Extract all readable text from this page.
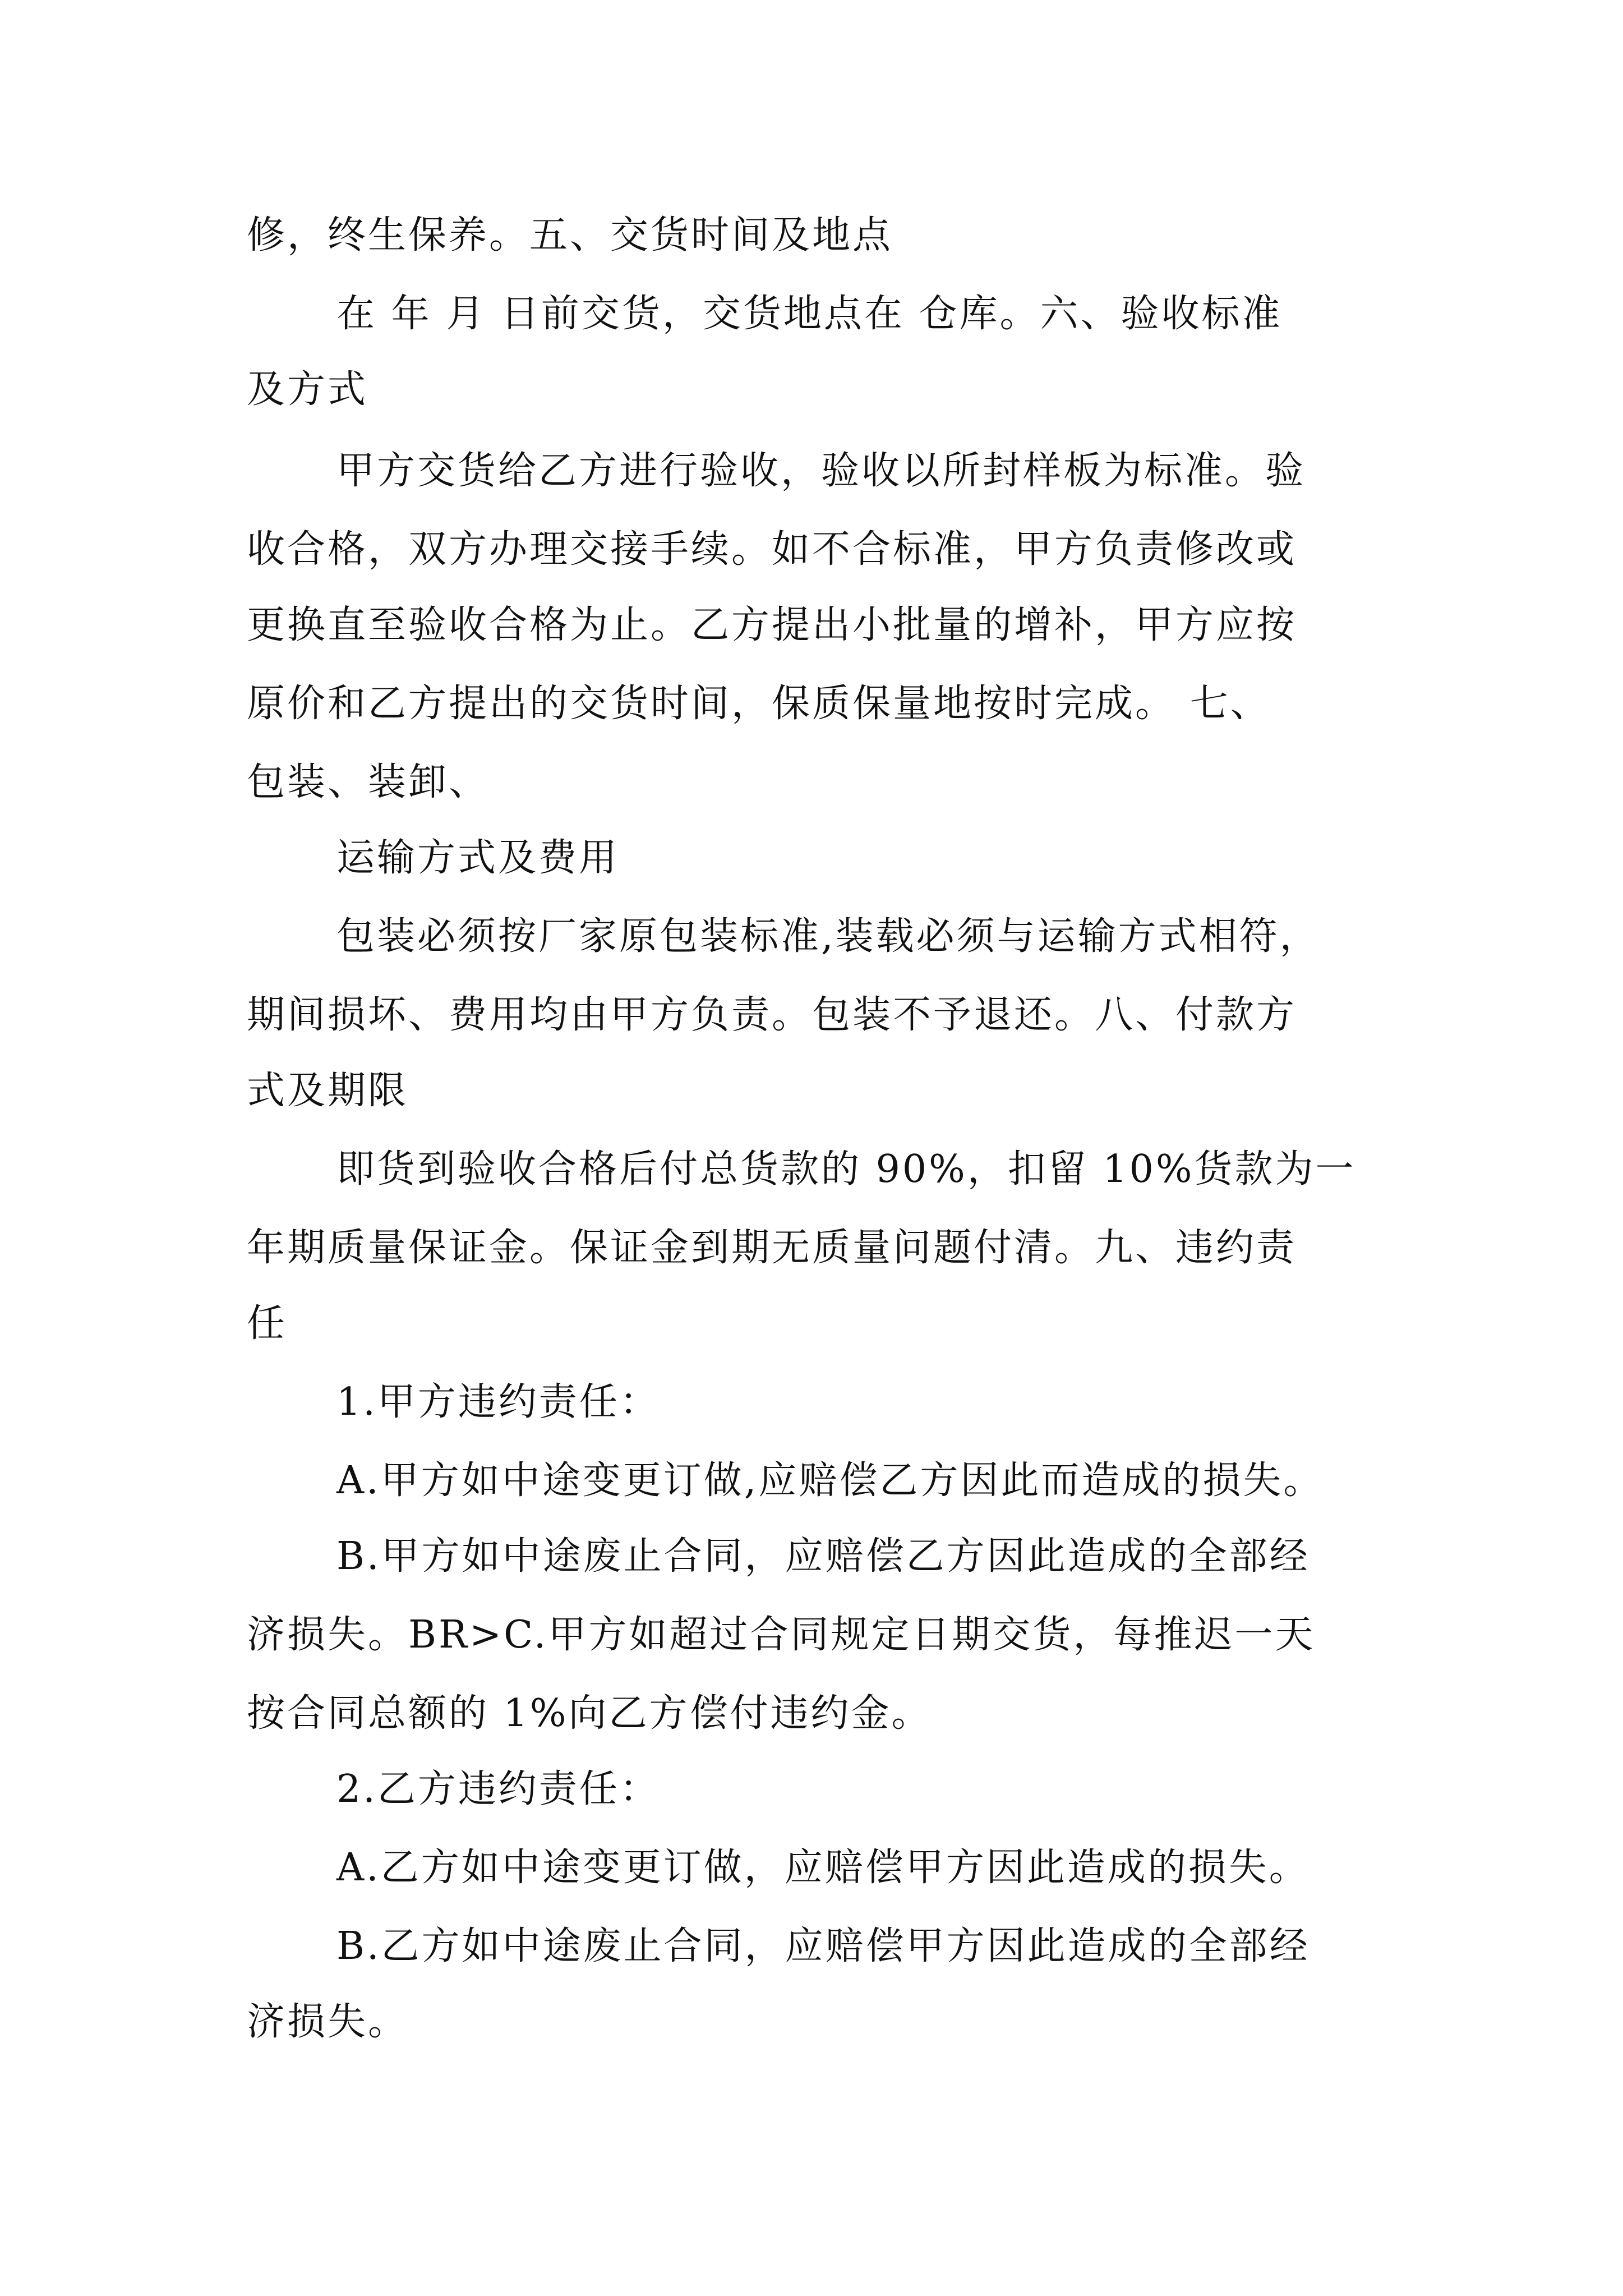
修，终生保养。五、交货时间及地点

在 年 月 日前交货，交货地点在 仓库。六、验收标准

及方式

甲方交货给乙方进行验收，验收以所封样板为标准。验

收合格，双方办理交接手续。如不合标准，甲方负责修改或

更换直至验收合格为止。乙方提出小批量的增补，甲方应按

原价和乙方提出的交货时间，保质保量地按时完成。 七、

包装、装卸、

运输方式及费用

包装必须按厂家原包装标准,装载必须与运输方式相符，

期间损坏、费用均由甲方负责。包装不予退还。八、付款方

式及期限

即货到验收合格后付总货款的 90%，扣留 10%货款为一

年期质量保证金。保证金到期无质量问题付清。九、违约责

任

1.甲方违约责任：

A.甲方如中途变更订做,应赔偿乙方因此而造成的损失。

B.甲方如中途废止合同，应赔偿乙方因此造成的全部经

济损失。BR>C.甲方如超过合同规定日期交货，每推迟一天

按合同总额的 1%向乙方偿付违约金。

2.乙方违约责任：

A.乙方如中途变更订做，应赔偿甲方因此造成的损失。

B.乙方如中途废止合同，应赔偿甲方因此造成的全部经

济损失。
